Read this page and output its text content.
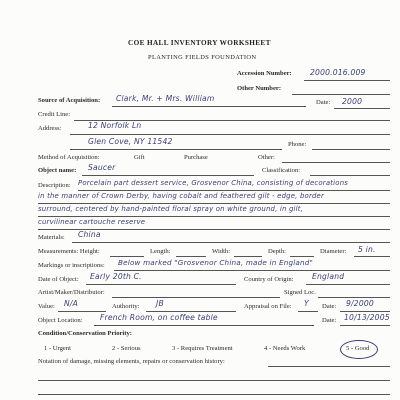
COE HALL INVENTORY WORKSHEET
PLANTING FIELDS FOUNDATION
Accession Number: 2000.016.009
Other Number:
Source of Acquisition: Clark, Mr. + Mrs. William	Date: 2000
Credit Line:
Address:	12 Norfolk Ln
Glen Cove, NY 11542	Phone:
Method of Acquisition:	Gift	Purchase	Other:
Object name: Saucer	Classification:
Description: Porcelain part dessert service, Grosvenor China, consisting of decorations
in the manner of Crown Derby, having cobalt and feathered gilt - edge, border
surround, centered by hand-painted floral spray on white ground, in gilt,
curvilinear cartouche reserve
Materials: China
Measurements: Height:	Length:	Width:	Depth:	Diameter: 5 in.
Markings or inscriptions: Below marked "Grosvenor China, made in England"
Date of Object: Early 20th C.	Country of Origin: England
Artist/Maker/Distributor:	Signed Loc.
Value: N/A	Authority: JB	Appraisal on File: Y Date: 9/2000
Object Location: French Room, on coffee table	Date: 10/13/2005
Condition/Conservation Priority:
1 - Urgent	2 - Serious	3 - Requires Treatment	4 - Needs Work	5 - Good
Notation of damage, missing elements, repairs or conservation history:
